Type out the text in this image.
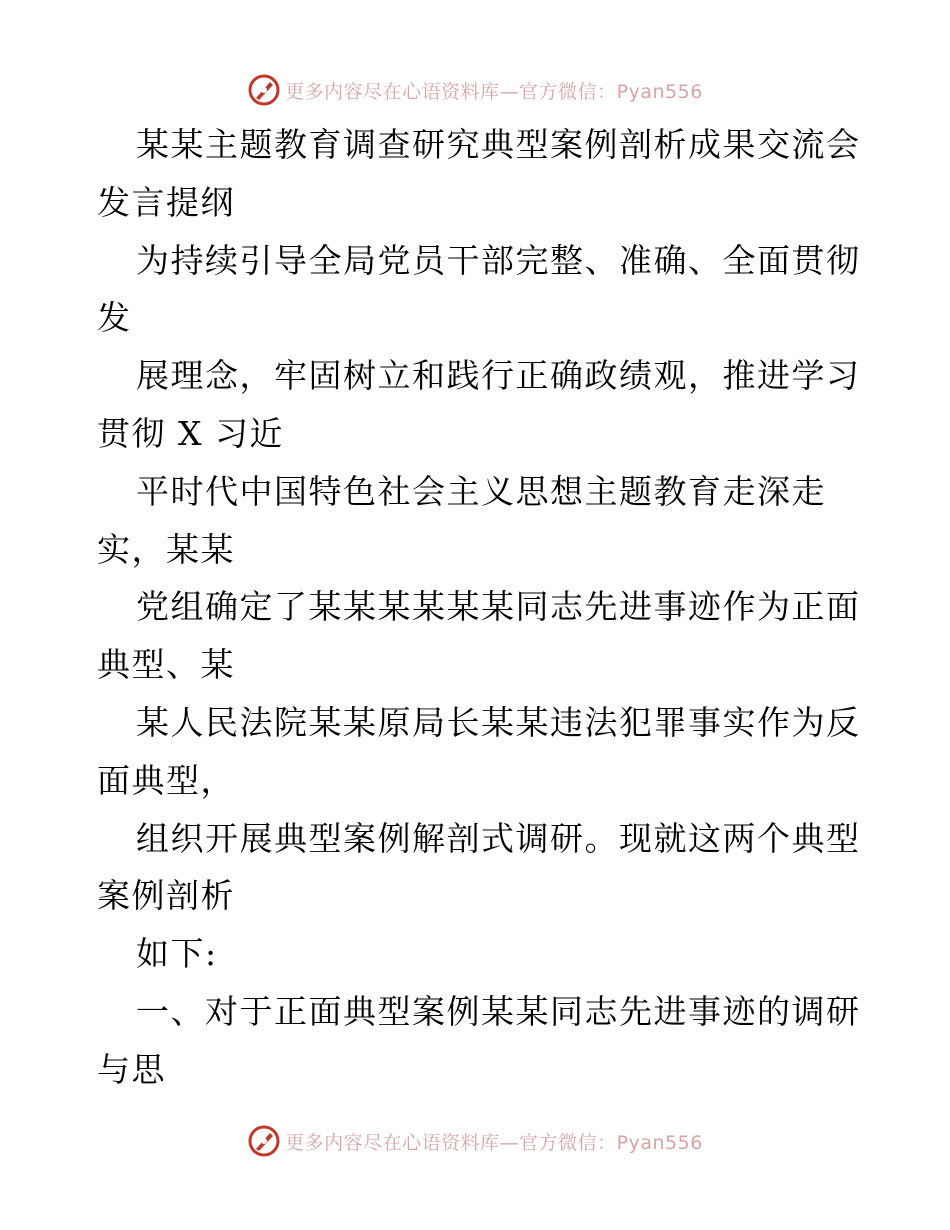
更多内容尽在心语资料库—官方微信：Pyan556
某某主题教育调查研究典型案例剖析成果交流会
发言提纲
为持续引导全局党员干部完整、准确、全面贯彻
发
展理念，牢固树立和践行正确政绩观，推进学习
贯彻 X 习近
平时代中国特色社会主义思想主题教育走深走
实，某某
党组确定了某某某某某某同志先进事迹作为正面
典型、某
某人民法院某某原局长某某违法犯罪事实作为反
面典型，
组织开展典型案例解剖式调研。现就这两个典型
案例剖析
如下:
一、对于正面典型案例某某同志先进事迹的调研
与思
更多内容尽在心语资料库—官方微信：Pyan556
